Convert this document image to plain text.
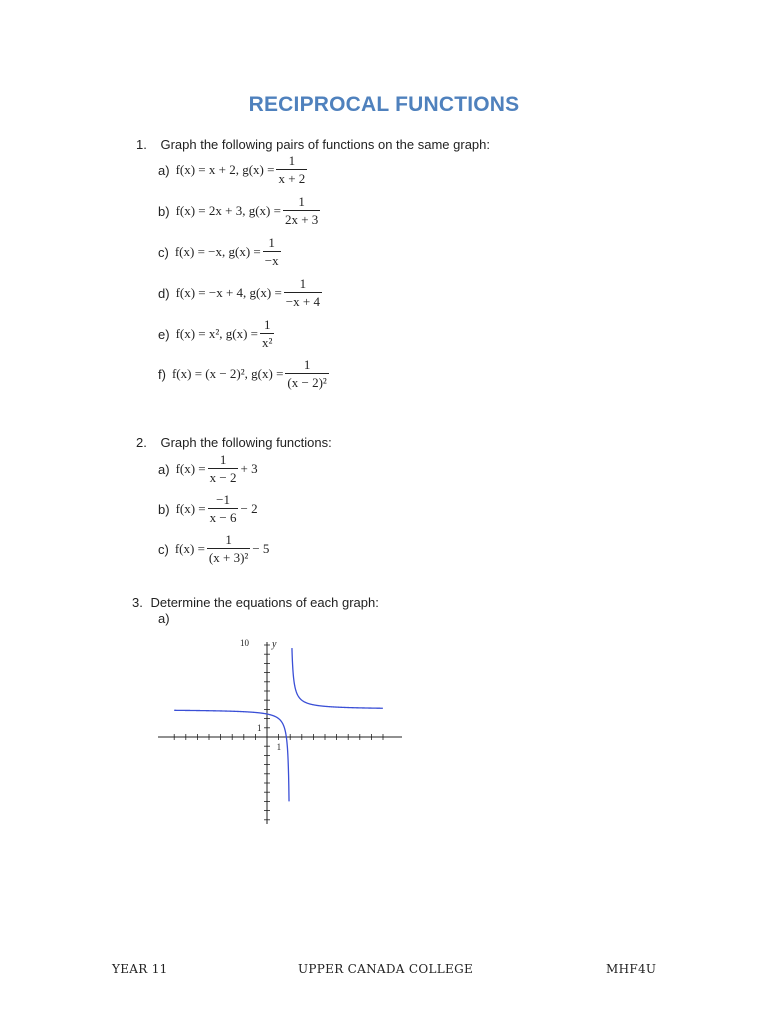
RECIPROCAL FUNCTIONS
1. Graph the following pairs of functions on the same graph:
a) f(x) = x + 2, $g(x) = \frac{1}{x + 2}$
b) f(x) = 2x + 3, $g(x) = \frac{1}{2x + 3}$
c) f(x) = −x, $g(x) = \frac{1}{-x}$
d) f(x) = −x + 4, $g(x) = \frac{1}{-x + 4}$
e) f(x) = x², $g(x) = \frac{1}{\text{x²}}$
f) f(x) = (x − 2)², $g(x) = \frac{1}{\text{(x − 2)²}}$
2. Graph the following functions:
a) $f(x) = \frac{1}{x - 2} + 3$
b) $f(x) = \frac{-1}{x - 6} - 2$
c) $f(x) = \frac{1}{\text{(x + 3)²}} - 5$
3. Determine the equations of each graph:
a)
10 y
1
1
YEAR 11	UPPER CANADA COLLEGE	MHF4U
